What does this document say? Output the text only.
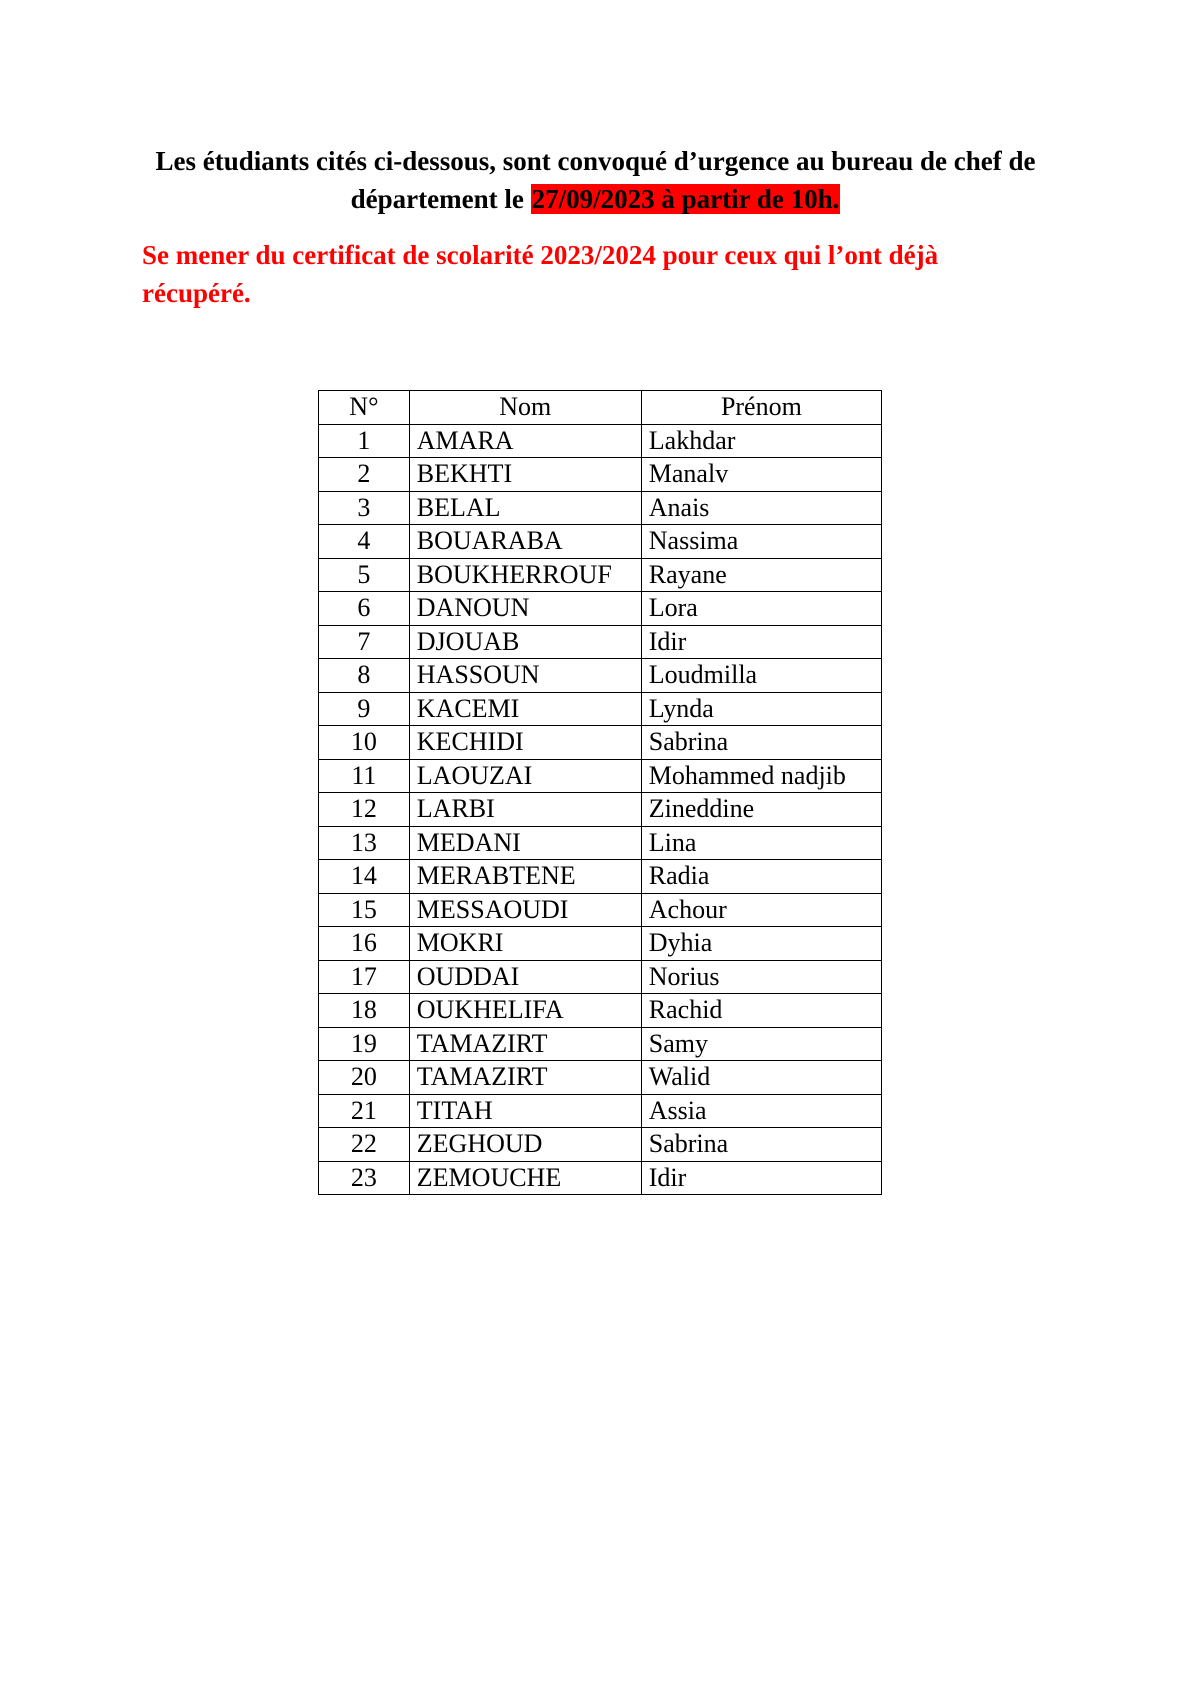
Les étudiants cités ci-dessous, sont convoqué d’urgence au bureau de chef de département le 27/09/2023 à partir de 10h.
Se mener du certificat de scolarité 2023/2024 pour ceux qui l’ont déjà récupéré.
N°	Nom	Prénom
1	AMARA	Lakhdar
2	BEKHTI	Manalv
3	BELAL	Anais
4	BOUARABA	Nassima
5	BOUKHERROUF	Rayane
6	DANOUN	Lora
7	DJOUAB	Idir
8	HASSOUN	Loudmilla
9	KACEMI	Lynda
10	KECHIDI	Sabrina
11	LAOUZAI	Mohammed nadjib
12	LARBI	Zineddine
13	MEDANI	Lina
14	MERABTENE	Radia
15	MESSAOUDI	Achour
16	MOKRI	Dyhia
17	OUDDAI	Norius
18	OUKHELIFA	Rachid
19	TAMAZIRT	Samy
20	TAMAZIRT	Walid
21	TITAH	Assia
22	ZEGHOUD	Sabrina
23	ZEMOUCHE	Idir
